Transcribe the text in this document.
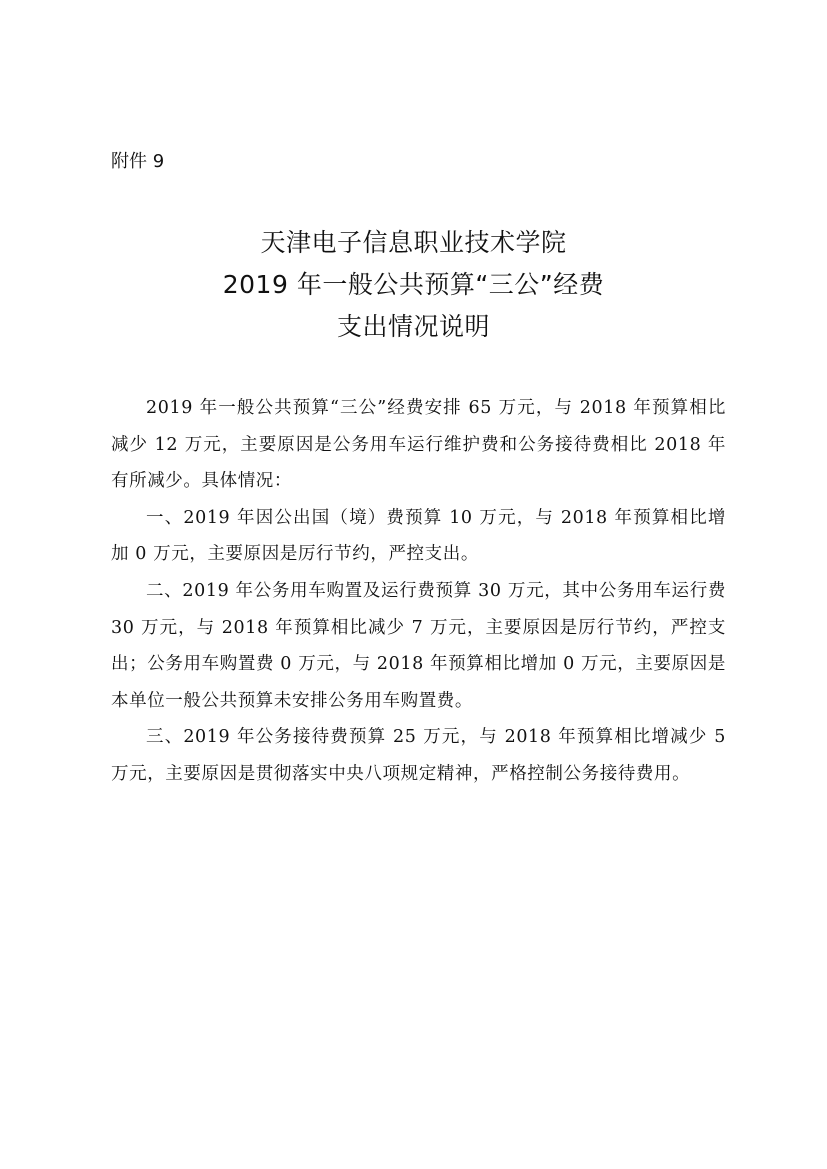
附件 9
天津电子信息职业技术学院
2019 年一般公共预算“三公”经费
支出情况说明

2019 年一般公共预算“三公”经费安排 65 万元，与 2018 年预算相比减少 12 万元，主要原因是公务用车运行维护费和公务接待费相比 2018 年有所减少。具体情况：

一、2019 年因公出国（境）费预算 10 万元，与 2018 年预算相比增加 0 万元，主要原因是厉行节约，严控支出。

二、2019 年公务用车购置及运行费预算 30 万元，其中公务用车运行费 30 万元，与 2018 年预算相比减少 7 万元，主要原因是厉行节约，严控支出；公务用车购置费 0 万元，与 2018 年预算相比增加 0 万元，主要原因是本单位一般公共预算未安排公务用车购置费。

三、2019 年公务接待费预算 25 万元，与 2018 年预算相比增减少 5 万元，主要原因是贯彻落实中央八项规定精神，严格控制公务接待费用。
